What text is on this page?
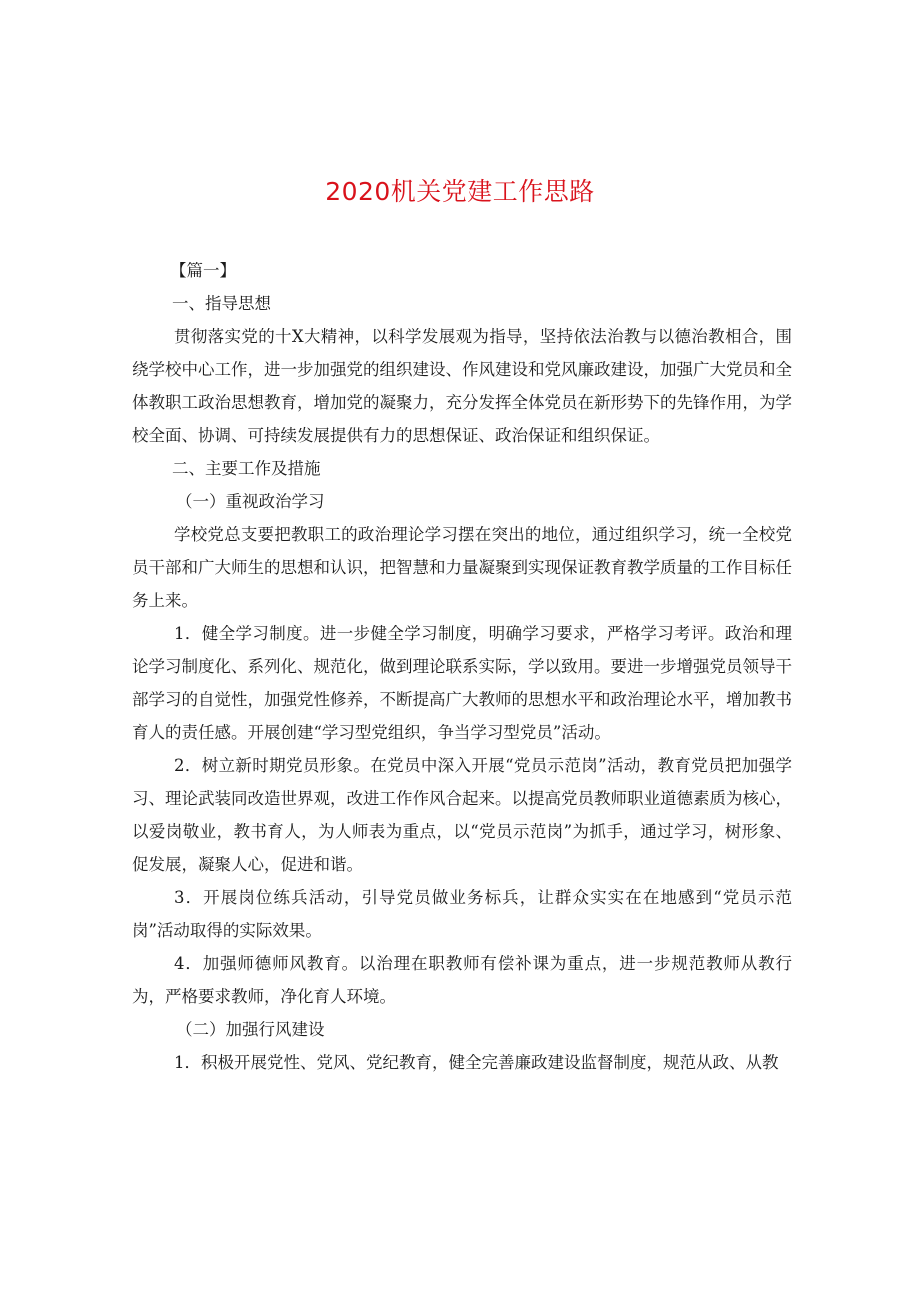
2020机关党建工作思路
【篇一】
一、指导思想

贯彻落实党的十X大精神，以科学发展观为指导，坚持依法治教与以德治教相合，围绕学校中心工作，进一步加强党的组织建设、作风建设和党风廉政建设，加强广大党员和全体教职工政治思想教育，增加党的凝聚力，充分发挥全体党员在新形势下的先锋作用，为学校全面、协调、可持续发展提供有力的思想保证、政治保证和组织保证。

二、主要工作及措施
（一）重视政治学习

学校党总支要把教职工的政治理论学习摆在突出的地位，通过组织学习，统一全校党员干部和广大师生的思想和认识，把智慧和力量凝聚到实现保证教育教学质量的工作目标任务上来。

1．健全学习制度。进一步健全学习制度，明确学习要求，严格学习考评。政治和理论学习制度化、系列化、规范化，做到理论联系实际，学以致用。要进一步增强党员领导干部学习的自觉性，加强党性修养，不断提高广大教师的思想水平和政治理论水平，增加教书育人的责任感。开展创建“学习型党组织，争当学习型党员”活动。

2．树立新时期党员形象。在党员中深入开展“党员示范岗”活动，教育党员把加强学习、理论武装同改造世界观，改进工作作风合起来。以提高党员教师职业道德素质为核心，以爱岗敬业，教书育人，为人师表为重点，以“党员示范岗”为抓手，通过学习，树形象、促发展，凝聚人心，促进和谐。

3．开展岗位练兵活动，引导党员做业务标兵，让群众实实在在地感到“党员示范岗”活动取得的实际效果。

4．加强师德师风教育。以治理在职教师有偿补课为重点，进一步规范教师从教行为，严格要求教师，净化育人环境。

（二）加强行风建设

1．积极开展党性、党风、党纪教育，健全完善廉政建设监督制度，规范从政、从教
